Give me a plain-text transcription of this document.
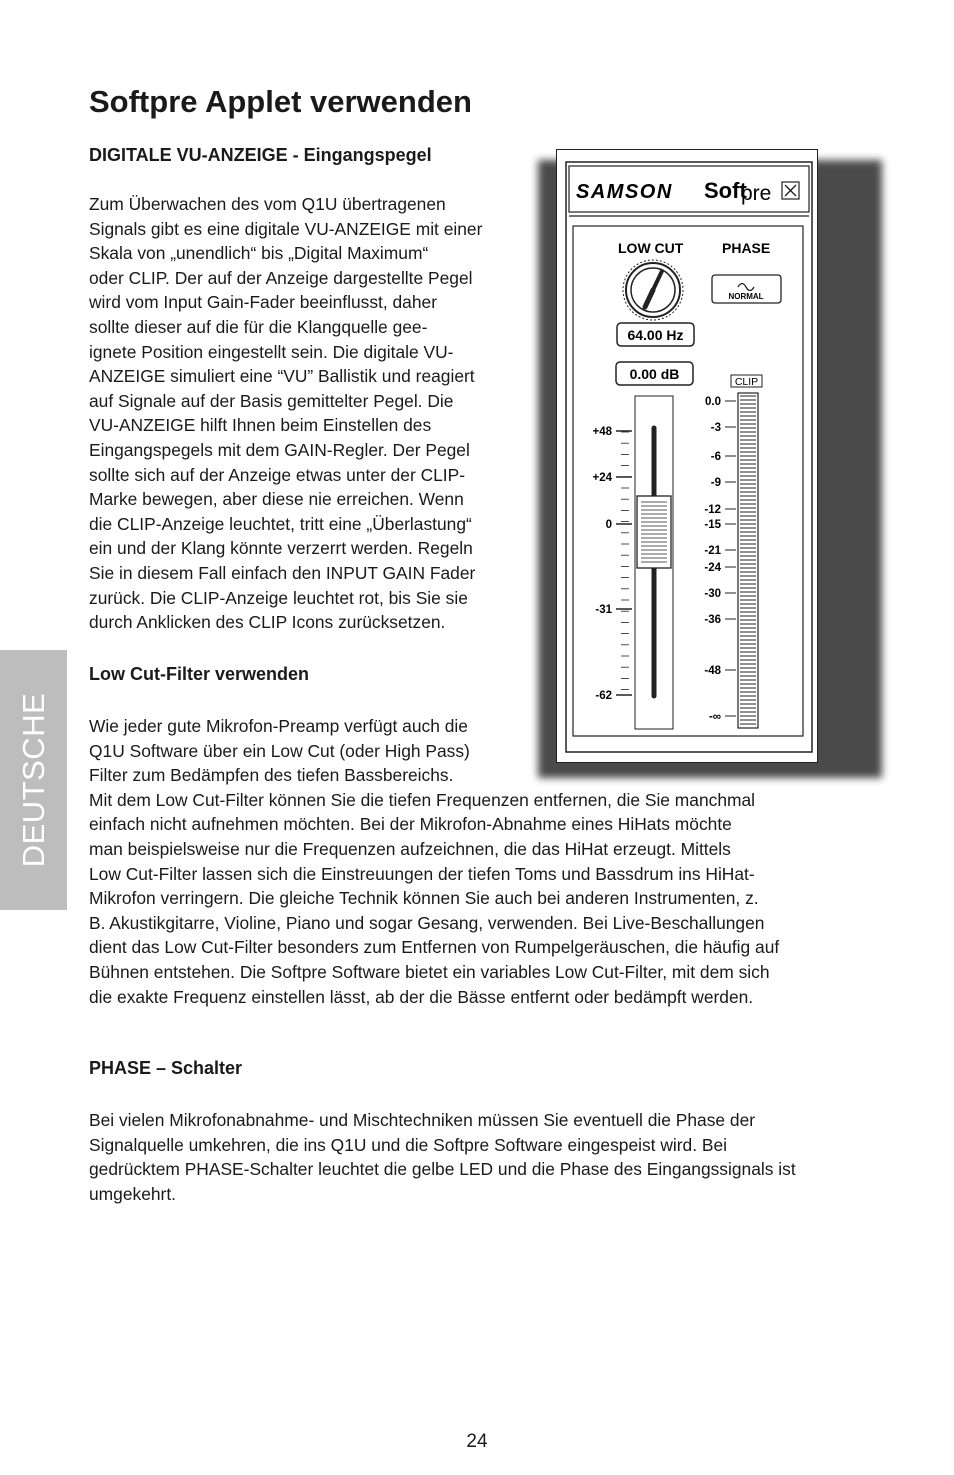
DEUTSCHE
Softpre Applet verwenden
DIGITALE VU-ANZEIGE - Eingangspegel
Zum Überwachen des vom Q1U übertragenen
Signals gibt es eine digitale VU-ANZEIGE mit einer
Skala von „unendlich“ bis „Digital Maximum“
oder CLIP. Der auf der Anzeige dargestellte Pegel
wird vom Input Gain-Fader beeinflusst, daher
sollte dieser auf die für die Klangquelle gee-
ignete Position eingestellt sein. Die digitale VU-
ANZEIGE simuliert eine “VU” Ballistik und reagiert
auf Signale auf der Basis gemittelter Pegel. Die
VU-ANZEIGE hilft Ihnen beim Einstellen des
Eingangspegels mit dem GAIN-Regler. Der Pegel
sollte sich auf der Anzeige etwas unter der CLIP-
Marke bewegen, aber diese nie erreichen. Wenn
die CLIP-Anzeige leuchtet, tritt eine „Überlastung“
ein und der Klang könnte verzerrt werden. Regeln
Sie in diesem Fall einfach den INPUT GAIN Fader
zurück. Die CLIP-Anzeige leuchtet rot, bis Sie sie
durch Anklicken des CLIP Icons zurücksetzen.
Low Cut-Filter verwenden
Wie jeder gute Mikrofon-Preamp verfügt auch die
Q1U Software über ein Low Cut (oder High Pass)
Filter zum Bedämpfen des tiefen Bassbereichs.
Mit dem Low Cut-Filter können Sie die tiefen Frequenzen entfernen, die Sie manchmal
einfach nicht aufnehmen möchten. Bei der Mikrofon-Abnahme eines HiHats möchte
man beispielsweise nur die Frequenzen aufzeichnen, die das HiHat erzeugt. Mittels
Low Cut-Filter lassen sich die Einstreuungen der tiefen Toms und Bassdrum ins HiHat-
Mikrofon verringern. Die gleiche Technik können Sie auch bei anderen Instrumenten, z.
B. Akustikgitarre, Violine, Piano und sogar Gesang, verwenden. Bei Live-Beschallungen
dient das Low Cut-Filter besonders zum Entfernen von Rumpelgeräuschen, die häufig auf
Bühnen entstehen. Die Softpre Software bietet ein variables Low Cut-Filter, mit dem sich
die exakte Frequenz einstellen lässt, ab der die Bässe entfernt oder bedämpft werden.
PHASE – Schalter
Bei vielen Mikrofonabnahme- und Mischtechniken müssen Sie eventuell die Phase der
Signalquelle umkehren, die ins Q1U und die Softpre Software eingespeist wird. Bei
gedrücktem PHASE-Schalter leuchtet die gelbe LED und die Phase des Eingangssignals ist
umgekehrt.
SAMSON Soft
pre
LOW CUT	PHASE
NORMAL
64.00 Hz
0.00 dB	CLIP
+48
+24
0
-31
-62
0.0
-3
-6
-9
-12
-15
-21
-24
-30
-36
-48
-∞
24
